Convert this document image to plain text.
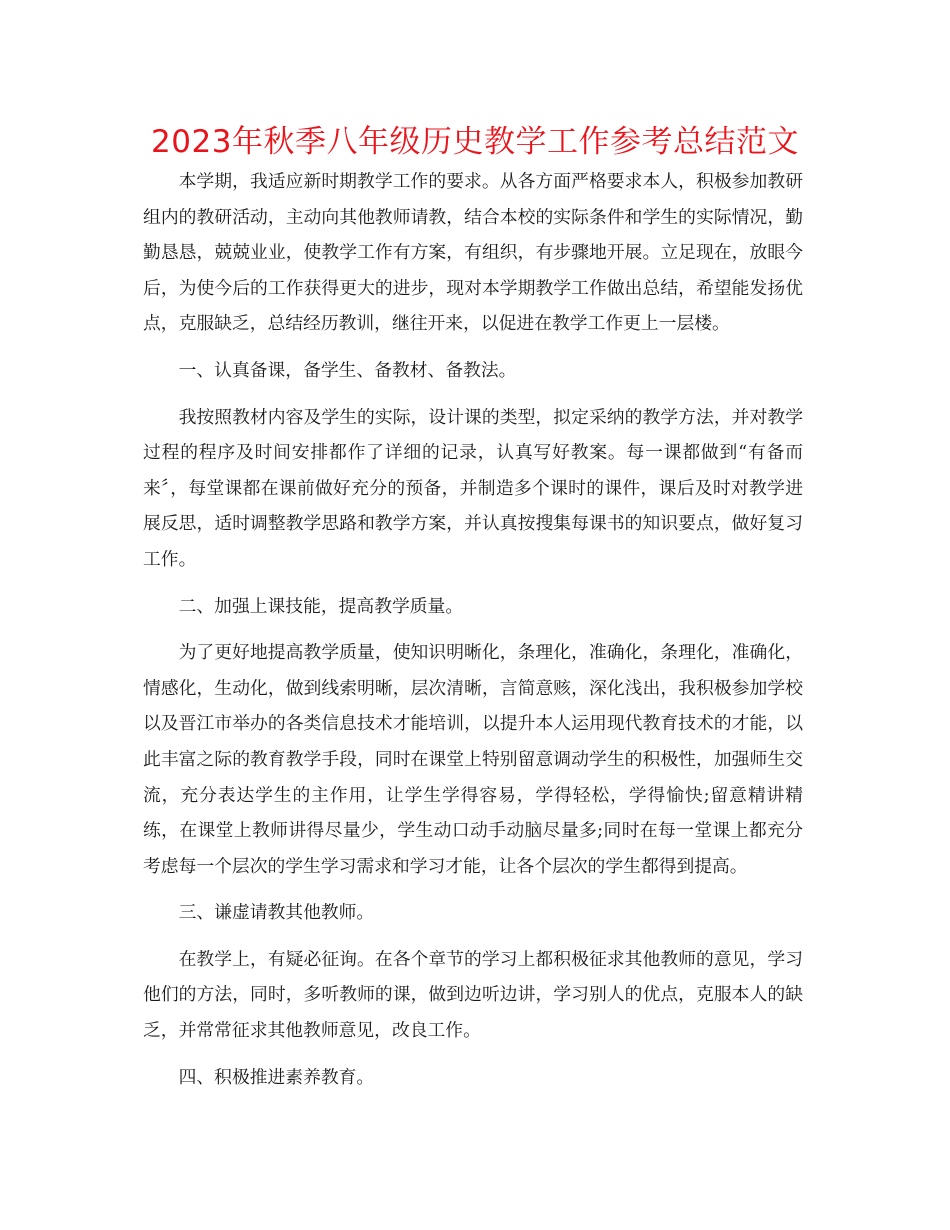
2023年秋季八年级历史教学工作参考总结范文

本学期，我适应新时期教学工作的要求。从各方面严格要求本人，积极参加教研组内的教研活动，主动向其他教师请教，结合本校的实际条件和学生的实际情况，勤勤恳恳，兢兢业业，使教学工作有方案，有组织，有步骤地开展。立足现在，放眼今后，为使今后的工作获得更大的进步，现对本学期教学工作做出总结，希望能发扬优点，克服缺乏，总结经历教训，继往开来，以促进在教学工作更上一层楼。

一、认真备课，备学生、备教材、备教法。

我按照教材内容及学生的实际，设计课的类型，拟定采纳的教学方法，并对教学过程的程序及时间安排都作了详细的记录，认真写好教案。每一课都做到“有备而来〞，每堂课都在课前做好充分的预备，并制造多个课时的课件，课后及时对教学进展反思，适时调整教学思路和教学方案，并认真按搜集每课书的知识要点，做好复习工作。

二、加强上课技能，提高教学质量。

为了更好地提高教学质量，使知识明晰化，条理化，准确化，条理化，准确化，情感化，生动化，做到线索明晰，层次清晰，言简意赅，深化浅出，我积极参加学校以及晋江市举办的各类信息技术才能培训，以提升本人运用现代教育技术的才能，以此丰富之际的教育教学手段，同时在课堂上特别留意调动学生的积极性，加强师生交流，充分表达学生的主作用，让学生学得容易，学得轻松，学得愉快;留意精讲精练，在课堂上教师讲得尽量少，学生动口动手动脑尽量多;同时在每一堂课上都充分考虑每一个层次的学生学习需求和学习才能，让各个层次的学生都得到提高。

三、谦虚请教其他教师。

在教学上，有疑必征询。在各个章节的学习上都积极征求其他教师的意见，学习他们的方法，同时，多听教师的课，做到边听边讲，学习别人的优点，克服本人的缺乏，并常常征求其他教师意见，改良工作。

四、积极推进素养教育。
